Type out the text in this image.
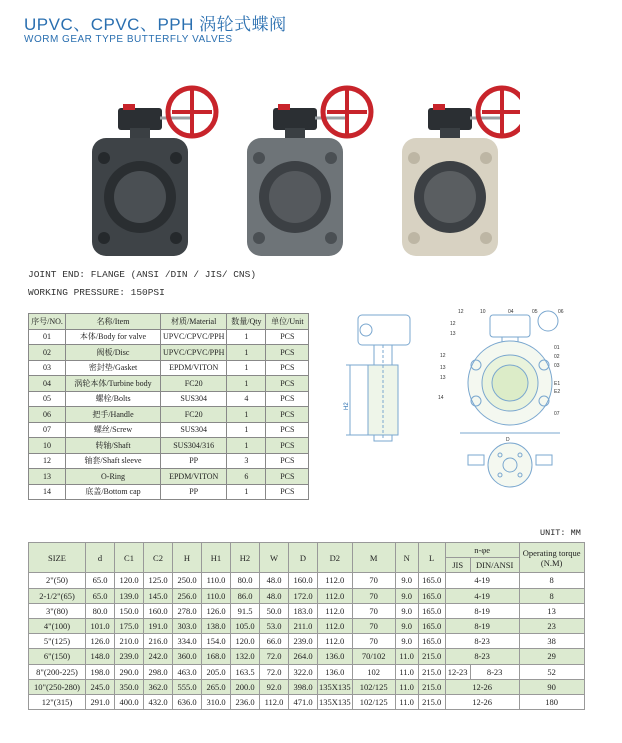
UPVC、CPVC、PPH 涡轮式蝶阀
WORM GEAR TYPE BUTTERFLY VALVES
JOINT END: FLANGE (ANSI /DIN / JIS/ CNS)
WORKING PRESSURE: 150PSI
序号/NO.	名称/Item	材质/Material	数量/Qty	单位/Unit
01	本体/Body for valve	UPVC/CPVC/PPH	1	PCS
02	阀板/Disc	UPVC/CPVC/PPH	1	PCS
03	密封垫/Gasket	EPDM/VITON	1	PCS
04	涡轮本体/Turbine body	FC20	1	PCS
05	螺栓/Bolts	SUS304	4	PCS
06	把手/Handle	FC20	1	PCS
07	螺丝/Screw	SUS304	1	PCS
10	转轴/Shaft	SUS304/316	1	PCS
12	轴套/Shaft sleeve	PP	3	PCS
13	O-Ring	EPDM/VITON	6	PCS
14	底盖/Bottom cap	PP	1	PCS
H2
12	10	04	05	06
12
13
12
13
13
14
01
02
03
E1
E2
07
D
UNIT: MM
SIZE	d	C1	C2	H	H1	H2	W	D	D2	M	N	L	n-φe		Operating torque (N.M)
													JIS	DIN/ANSI	
2"(50)	65.0	120.0	125.0	250.0	110.0	80.0	48.0	160.0	112.0	70	9.0	165.0	4-19		8
2-1/2"(65)	65.0	139.0	145.0	256.0	110.0	86.0	48.0	172.0	112.0	70	9.0	165.0	4-19		8
3"(80)	80.0	150.0	160.0	278.0	126.0	91.5	50.0	183.0	112.0	70	9.0	165.0	8-19		13
4"(100)	101.0	175.0	191.0	303.0	138.0	105.0	53.0	211.0	112.0	70	9.0	165.0	8-19		23
5"(125)	126.0	210.0	216.0	334.0	154.0	120.0	66.0	239.0	112.0	70	9.0	165.0	8-23		38
6"(150)	148.0	239.0	242.0	360.0	168.0	132.0	72.0	264.0	136.0	70/102	11.0	215.0	8-23		29
8"(200-225)	198.0	290.0	298.0	463.0	205.0	163.5	72.0	322.0	136.0	102	11.0	215.0	12-23	8-23	52
10"(250-280)	245.0	350.0	362.0	555.0	265.0	200.0	92.0	398.0	135X135	102/125	11.0	215.0	12-26		90
12"(315)	291.0	400.0	432.0	636.0	310.0	236.0	112.0	471.0	135X135	102/125	11.0	215.0	12-26		180
